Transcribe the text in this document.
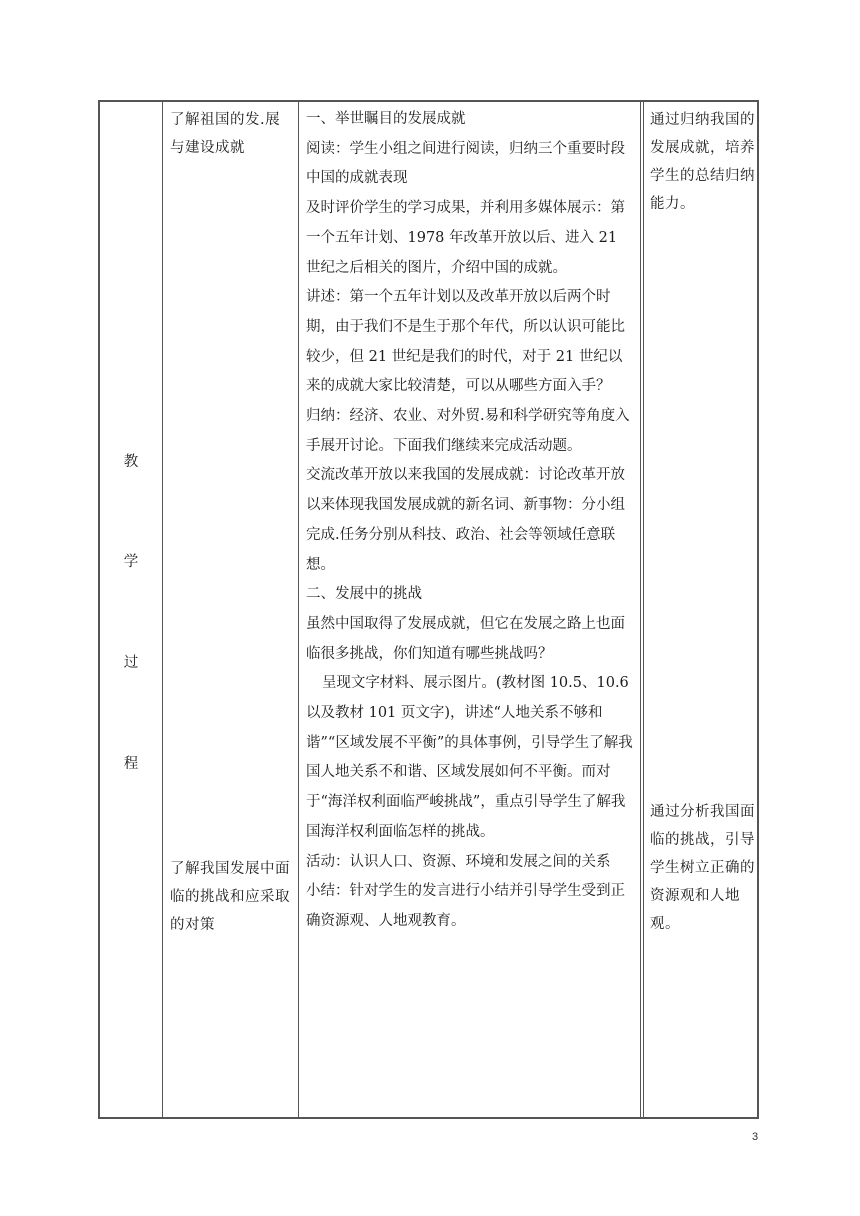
教
学
过
程
了解祖国的发.展与建设成就
了解我国发展中面临的挑战和应采取的对策

一、举世瞩目的发展成就

阅读：学生小组之间进行阅读，归纳三个重要时段中国的成就表现

及时评价学生的学习成果，并利用多媒体展示：第一个五年计划、1978 年改革开放以后、进入 21 世纪之后相关的图片，介绍中国的成就。

讲述：第一个五年计划以及改革开放以后两个时期，由于我们不是生于那个年代，所以认识可能比较少，但 21 世纪是我们的时代，对于 21 世纪以来的成就大家比较清楚，可以从哪些方面入手？

归纳：经济、农业、对外贸.易和科学研究等角度入手展开讨论。下面我们继续来完成活动题。

交流改革开放以来我国的发展成就：讨论改革开放以来体现我国发展成就的新名词、新事物：分小组完成.任务分别从科技、政治、社会等领域任意联想。

二、发展中的挑战

虽然中国取得了发展成就，但它在发展之路上也面临很多挑战，你们知道有哪些挑战吗？

呈现文字材料、展示图片。(教材图 10.5、10.6 以及教材 101 页文字)，讲述“人地关系不够和谐”“区域发展不平衡”的具体事例，引导学生了解我国人地关系不和谐、区域发展如何不平衡。而对于“海洋权利面临严峻挑战”，重点引导学生了解我国海洋权利面临怎样的挑战。

活动：认识人口、资源、环境和发展之间的关系

小结：针对学生的发言进行小结并引导学生受到正确资源观、人地观教育。

通过归纳我国的发展成就，培养学生的总结归纳能力。
通过分析我国面临的挑战，引导学生树立正确的资源观和人地观。
3
